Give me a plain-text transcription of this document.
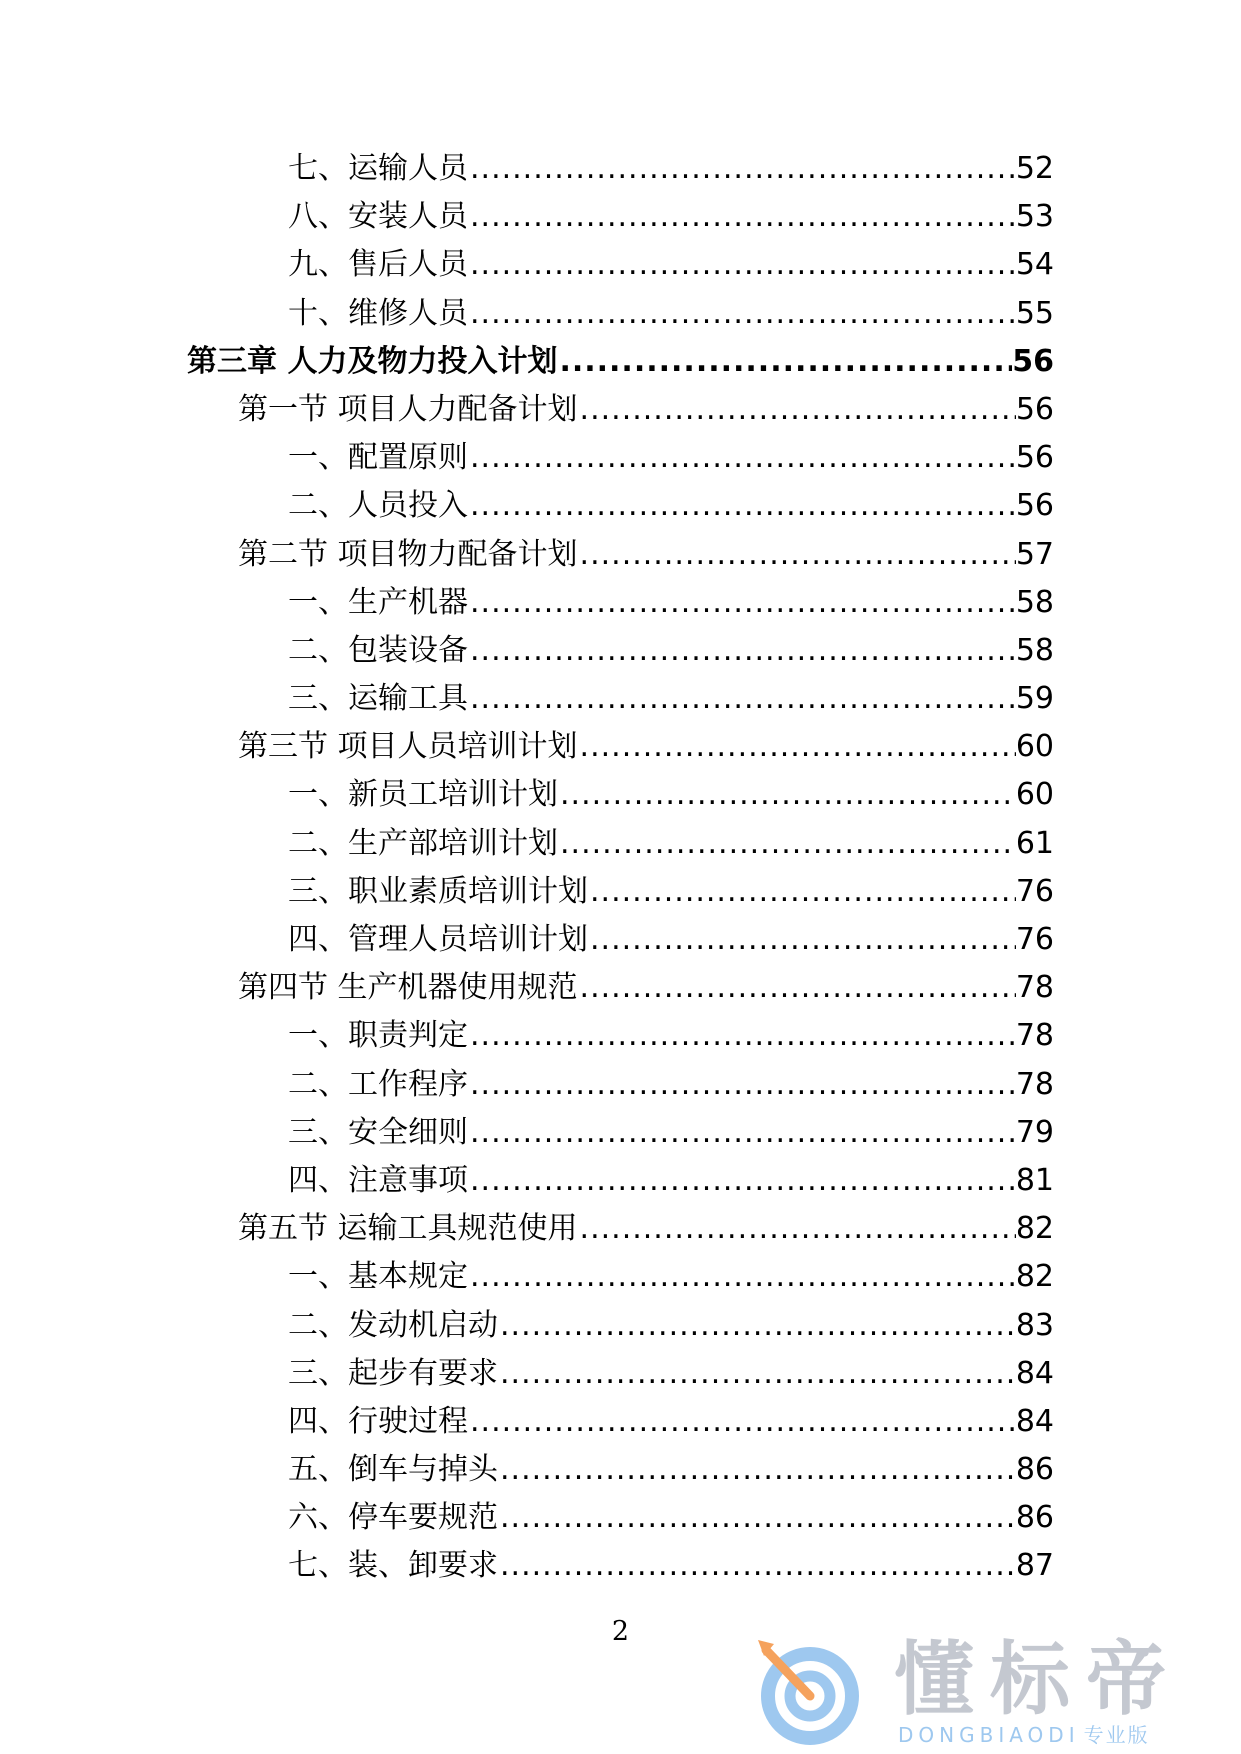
七、运输人员 .....	52
八、安装人员 .....	53
九、售后人员 .....	54
十、维修人员 .....	55
第三章 人力及物力投入计划 .....	56
第一节 项目人力配备计划 .....	56
一、配置原则 .....	56
二、人员投入 .....	56
第二节 项目物力配备计划 .....	57
一、生产机器 .....	58
二、包装设备 .....	58
三、运输工具 .....	59
第三节 项目人员培训计划 .....	60
一、新员工培训计划 .....	60
二、生产部培训计划 .....	61
三、职业素质培训计划 .....	76
四、管理人员培训计划 .....	76
第四节 生产机器使用规范 .....	78
一、职责判定 .....	78
二、工作程序 .....	78
三、安全细则 .....	79
四、注意事项 .....	81
第五节 运输工具规范使用 .....	82
一、基本规定 .....	82
二、发动机启动 .....	83
三、起步有要求 .....	84
四、行驶过程 .....	84
五、倒车与掉头 .....	86
六、停车要规范 .....	86
七、装、卸要求 .....	87
2
懂标帝
DONGBIAODI 专业版
